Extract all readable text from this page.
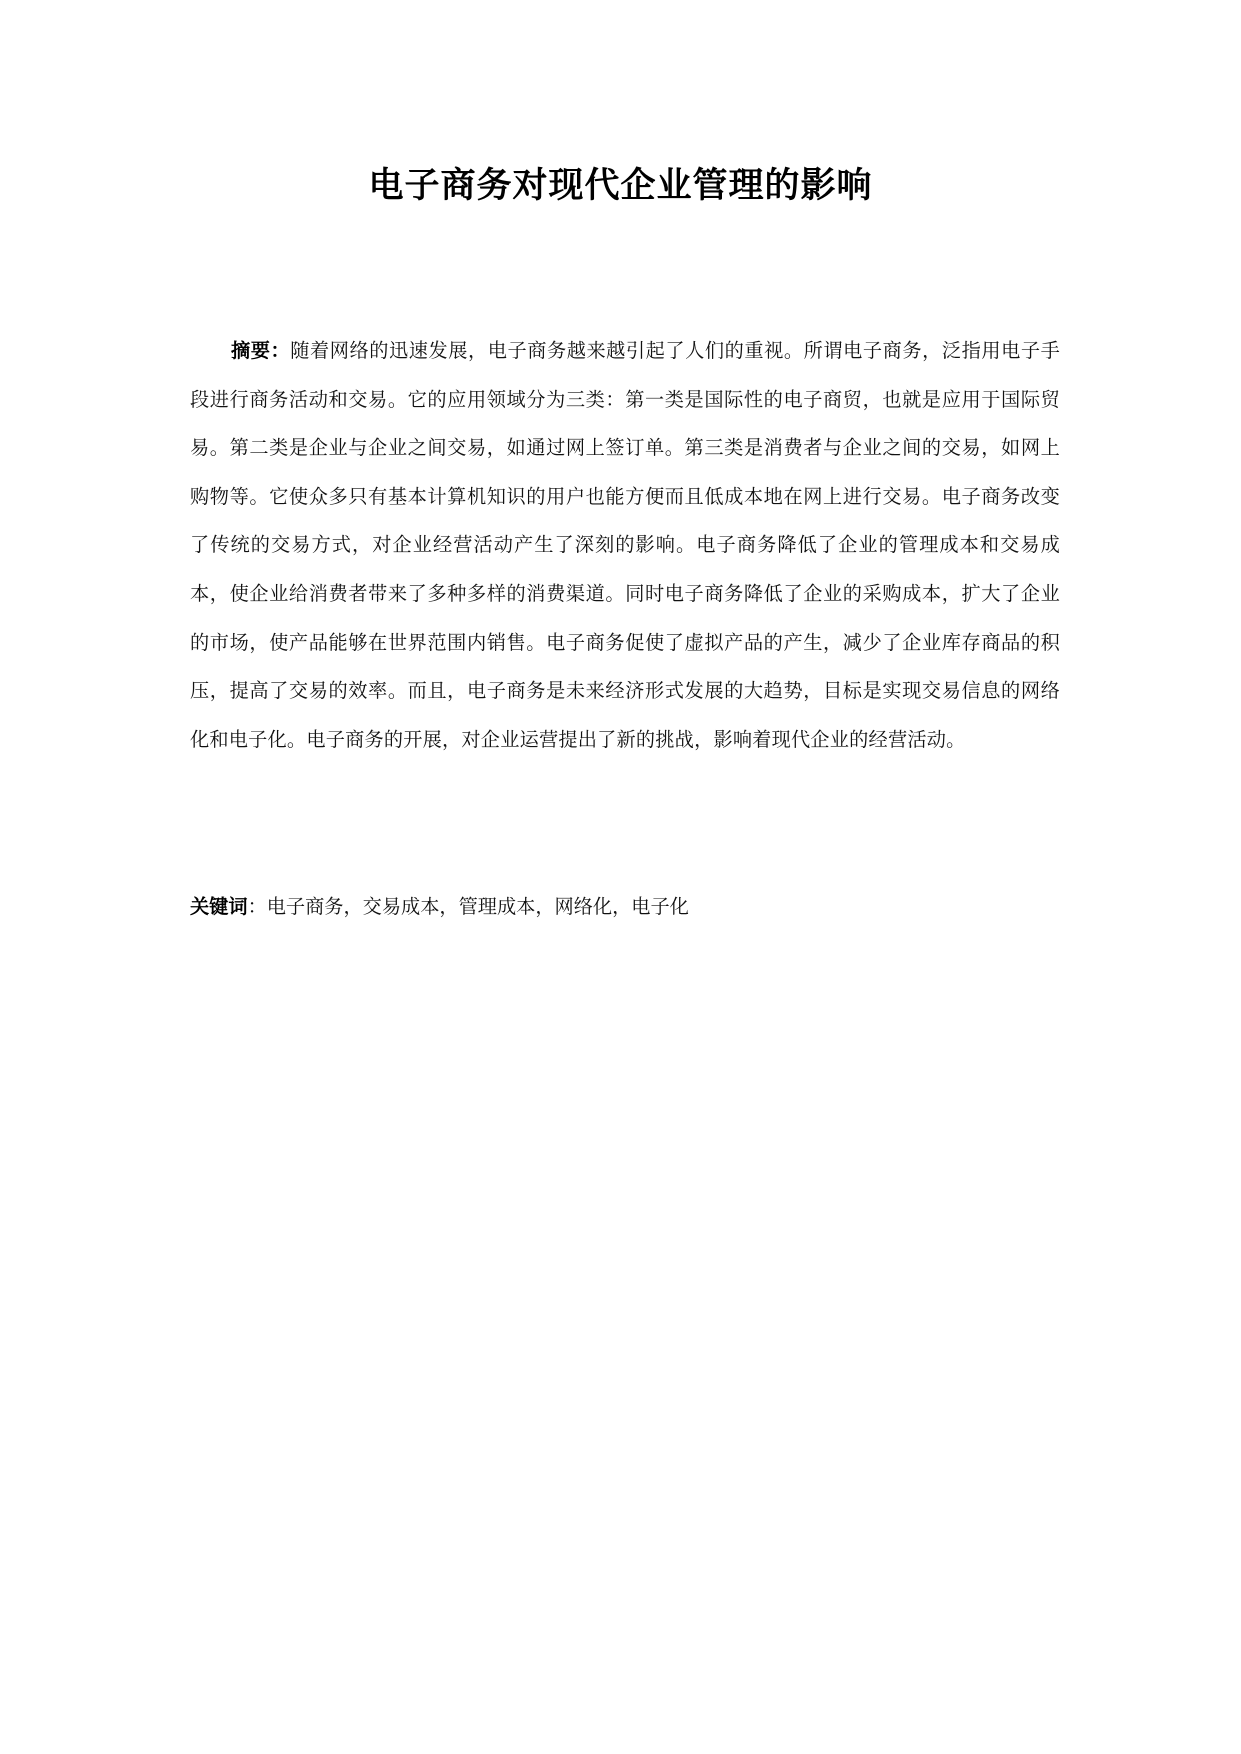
电子商务对现代企业管理的影响

摘要：随着网络的迅速发展，电子商务越来越引起了人们的重视。所谓电子商务，泛指用电子手段进行商务活动和交易。它的应用领域分为三类：第一类是国际性的电子商贸，也就是应用于国际贸易。第二类是企业与企业之间交易，如通过网上签订单。第三类是消费者与企业之间的交易，如网上购物等。它使众多只有基本计算机知识的用户也能方便而且低成本地在网上进行交易。电子商务改变了传统的交易方式，对企业经营活动产生了深刻的影响。电子商务降低了企业的管理成本和交易成本，使企业给消费者带来了多种多样的消费渠道。同时电子商务降低了企业的采购成本，扩大了企业的市场，使产品能够在世界范围内销售。电子商务促使了虚拟产品的产生，减少了企业库存商品的积压，提高了交易的效率。而且，电子商务是未来经济形式发展的大趋势，目标是实现交易信息的网络化和电子化。电子商务的开展，对企业运营提出了新的挑战，影响着现代企业的经营活动。

关键词：电子商务，交易成本，管理成本，网络化，电子化
